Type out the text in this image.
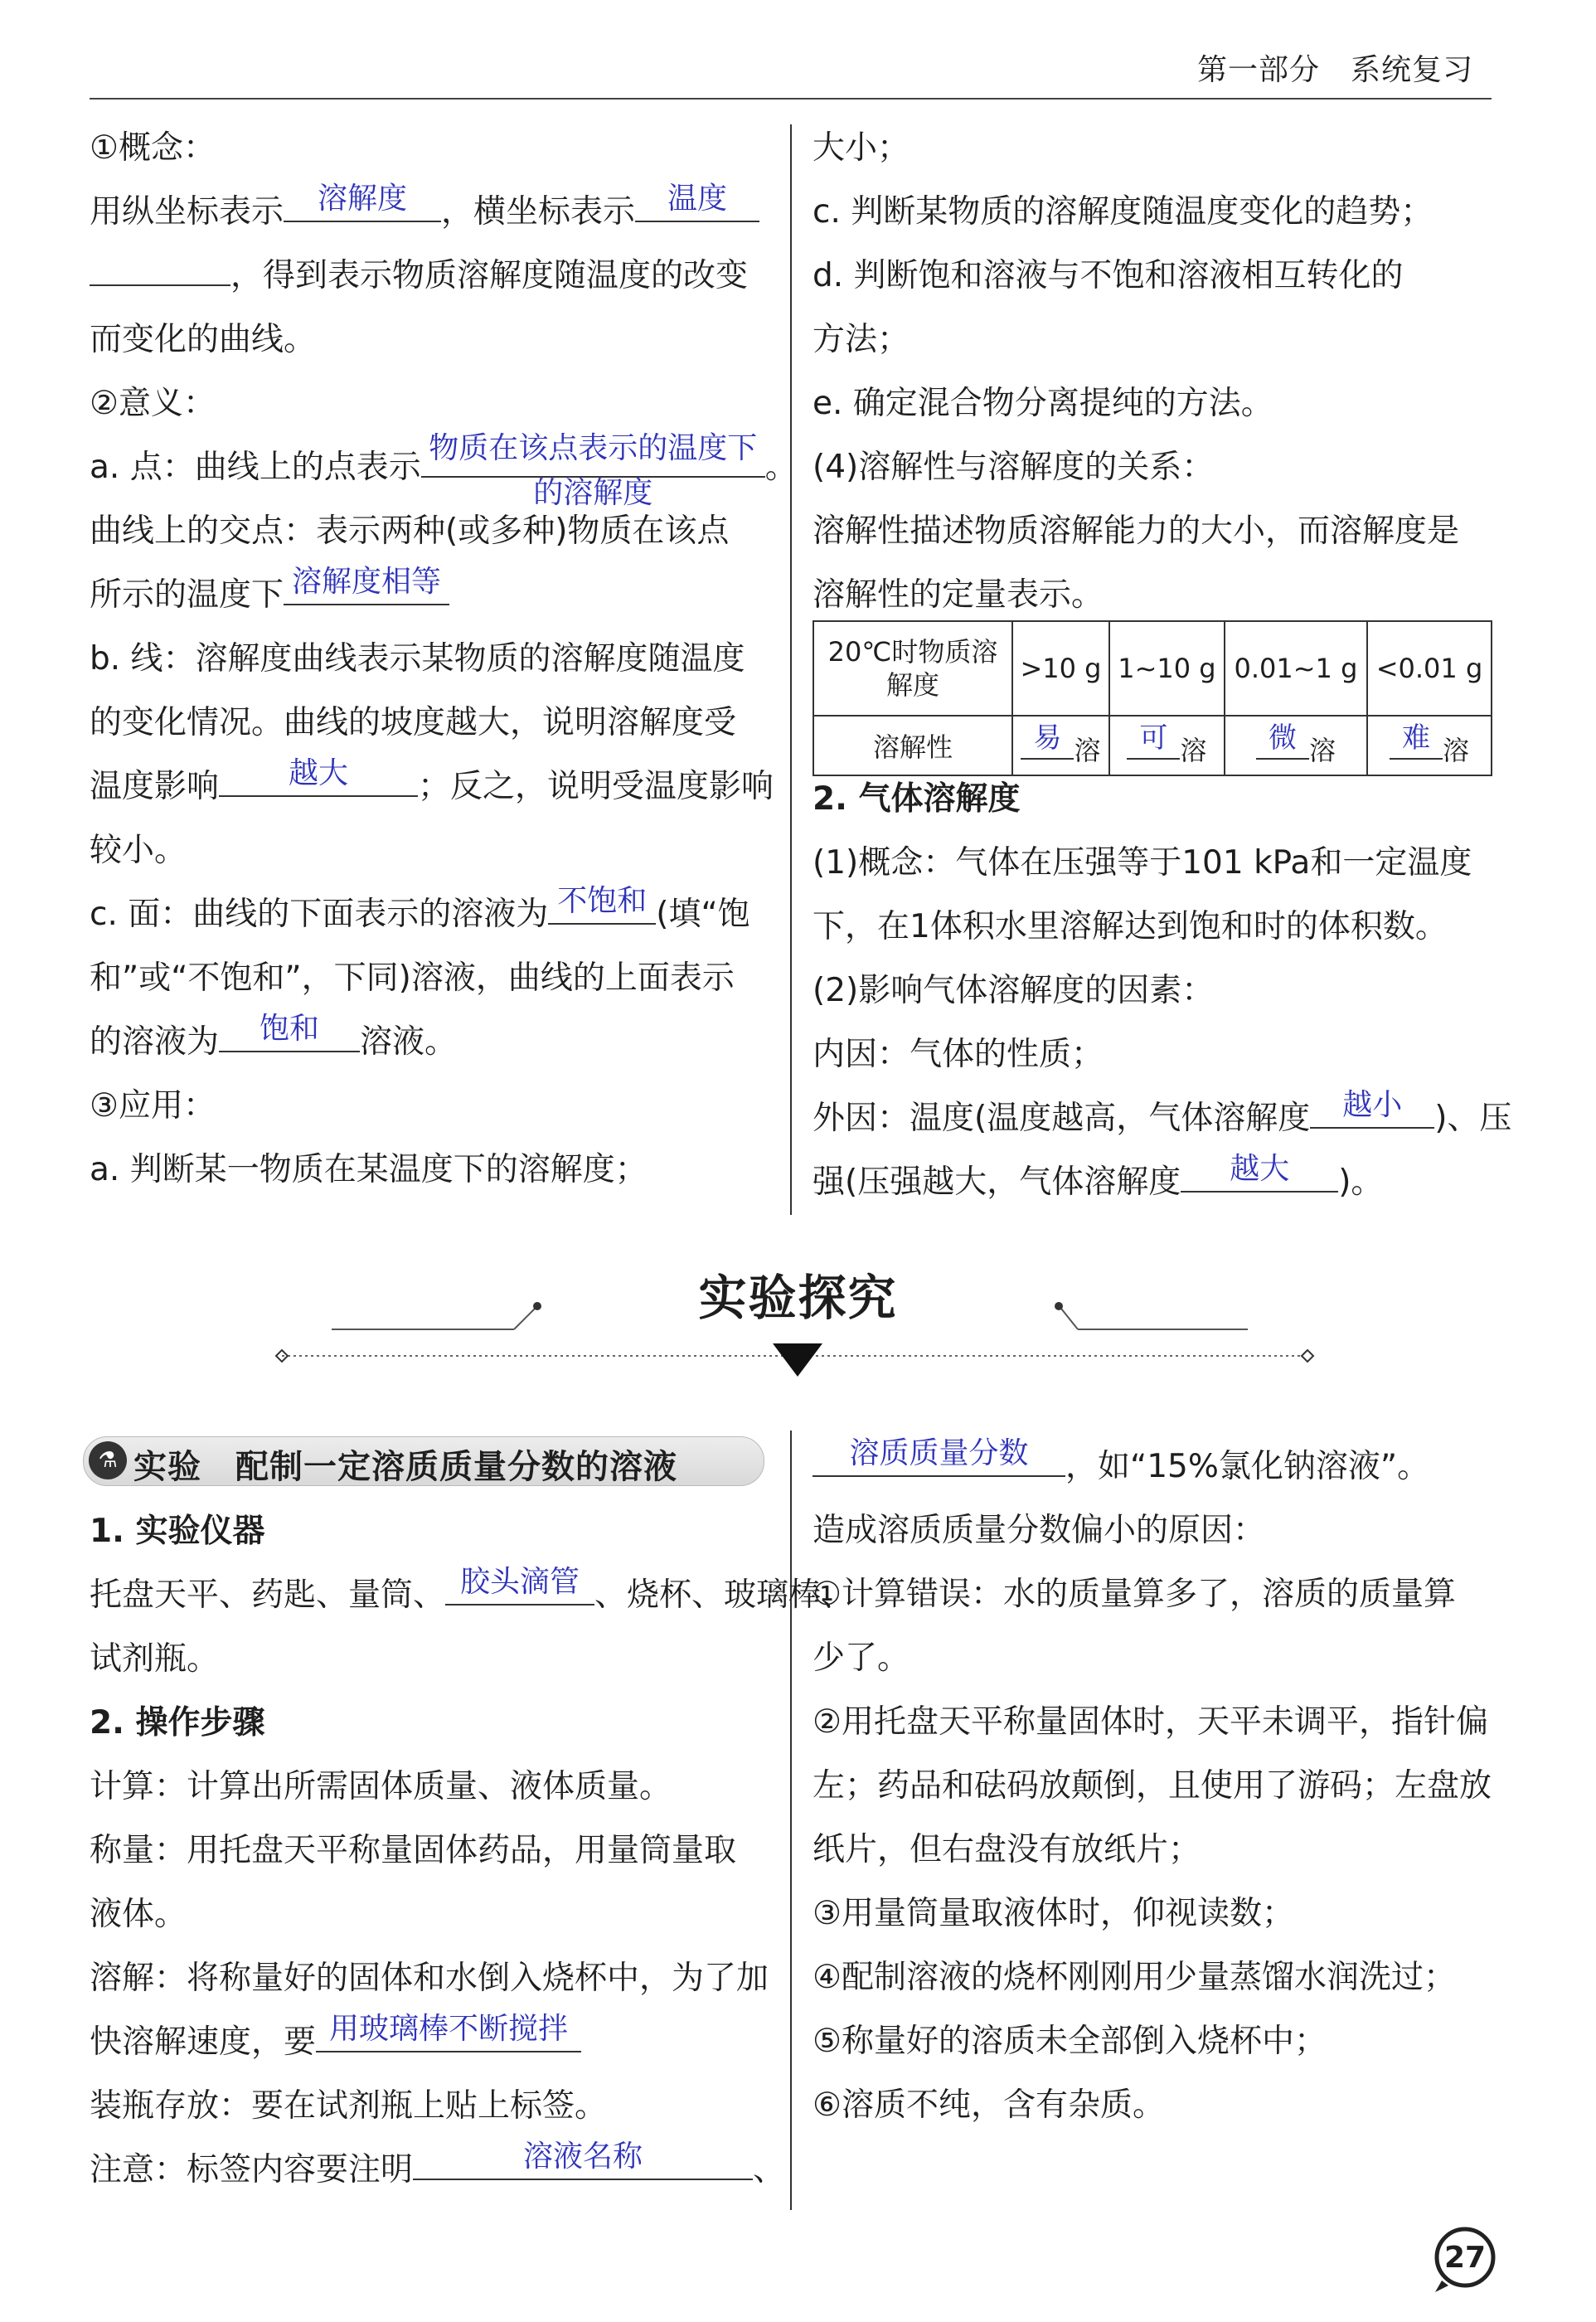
第一部分　系统复习
①概念：
用纵坐标表示	溶解度	，横坐标表示	温度
，得到表示物质溶解度随温度的改变
而变化的曲线。
②意义：
a. 点：曲线上的点表示
物质在该点表示的温度下的溶解度
。
曲线上的交点：表示两种(或多种)物质在该点
所示的温度下 溶解度相等
b. 线：溶解度曲线表示某物质的溶解度随温度
的变化情况。曲线的坡度越大，说明溶解度受
温度影响	越大	；反之，说明受温度影响
较小。
c. 面：曲线的下面表示的溶液为 不饱和 (填“饱
和”或“不饱和”，下同)溶液，曲线的上面表示
的溶液为	饱和	溶液。
③应用：
a. 判断某一物质在某温度下的溶解度；
大小；
c. 判断某物质的溶解度随温度变化的趋势；
d. 判断饱和溶液与不饱和溶液相互转化的
方法；
e. 确定混合物分离提纯的方法。
(4)溶解性与溶解度的关系：
溶解性描述物质溶解能力的大小，而溶解度是
溶解性的定量表示。
20℃时物质溶解度	>10 g	1~10 g	0.01~1 g	<0.01 g
溶解性	易 溶	可 溶	微 溶	难 溶
2. 气体溶解度
(1)概念：气体在压强等于101 kPa和一定温度
下，在1体积水里溶解达到饱和时的体积数。
(2)影响气体溶解度的因素：
内因：气体的性质；
外因：温度(温度越高，气体溶解度	越小	)、压
强(压强越大，气体溶解度	越大	)。
实验探究
⚗ 实验　配制一定溶质质量分数的溶液
1. 实验仪器
托盘天平、药匙、量筒、 胶头滴管 、烧杯、玻璃棒、
试剂瓶。
2. 操作步骤
计算：计算出所需固体质量、液体质量。
称量：用托盘天平称量固体药品，用量筒量取
液体。
溶解：将称量好的固体和水倒入烧杯中，为了加
快溶解速度，要 用玻璃棒不断搅拌
装瓶存放：要在试剂瓶上贴上标签。
注意：标签内容要注明	溶液名称	、
溶质质量分数	，如“15%氯化钠溶液”。
造成溶质质量分数偏小的原因：
①计算错误：水的质量算多了，溶质的质量算
少了。
②用托盘天平称量固体时，天平未调平，指针偏
左；药品和砝码放颠倒，且使用了游码；左盘放
纸片，但右盘没有放纸片；
③用量筒量取液体时，仰视读数；
④配制溶液的烧杯刚刚用少量蒸馏水润洗过；
⑤称量好的溶质未全部倒入烧杯中；
⑥溶质不纯，含有杂质。
27
